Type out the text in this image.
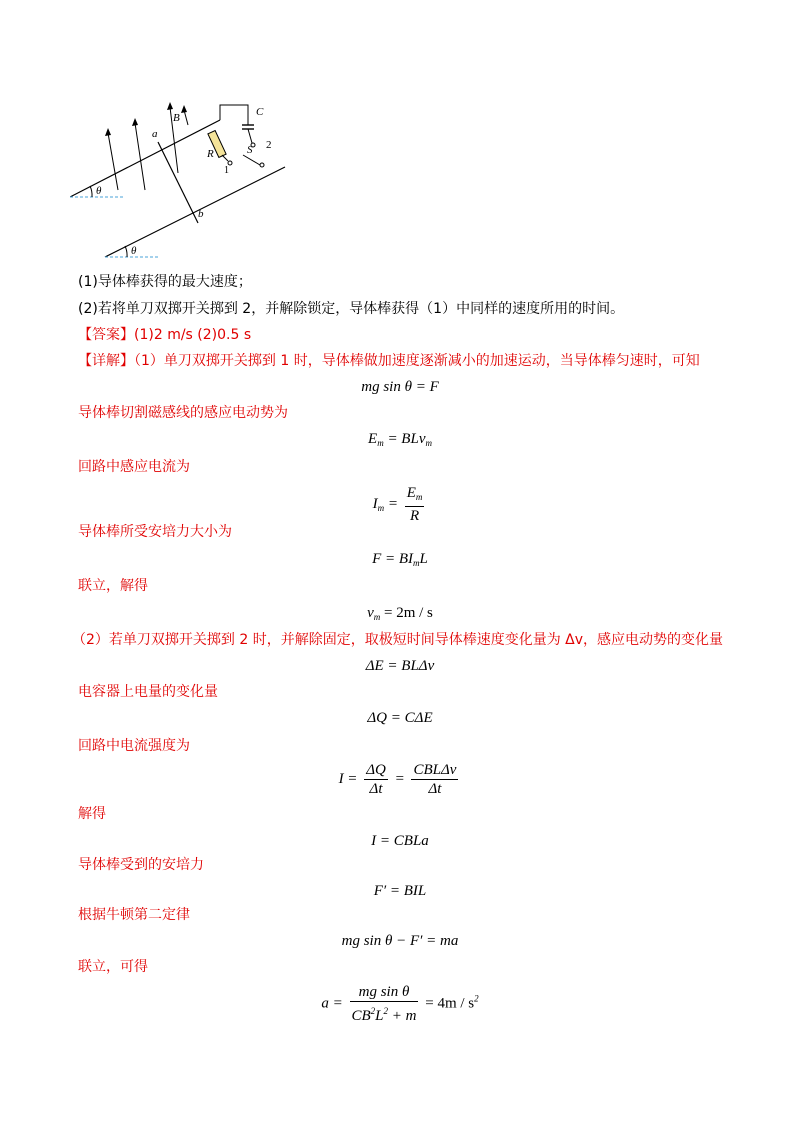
a
b
B
R
C
S
1
2
θ
θ
(1)导体棒获得的最大速度；
(2)若将单刀双掷开关掷到 2，并解除锁定，导体棒获得（1）中同样的速度所用的时间。
【答案】(1)2 m/s (2)0.5 s
【详解】（1）单刀双掷开关掷到 1 时，导体棒做加速度逐渐减小的加速运动，当导体棒匀速时，可知
mg sin θ = F
导体棒切割磁感线的感应电动势为
$E_m = BLv_m$
回路中感应电流为
$I_m = \frac{E_m}{R}$
导体棒所受安培力大小为
$F = BI_mL$
联立，解得
$v_m = 2m / s$
（2）若单刀双掷开关掷到 2 时，并解除固定，取极短时间导体棒速度变化量为 Δv，感应电动势的变化量
ΔE = BLΔv
电容器上电量的变化量
ΔQ = CΔE
回路中电流强度为
$I = \frac{\Delta Q}{\Delta t} = \frac{\text{CBLΔv}}{\Delta t}$
解得
I = CBLa
导体棒受到的安培力
F′ = BIL
根据牛顿第二定律
mg sin θ − F′ = ma
联立，可得
$a = \frac{\text{mg sin θ}}{CB^2L^2 + m} = 4m / s^2$
